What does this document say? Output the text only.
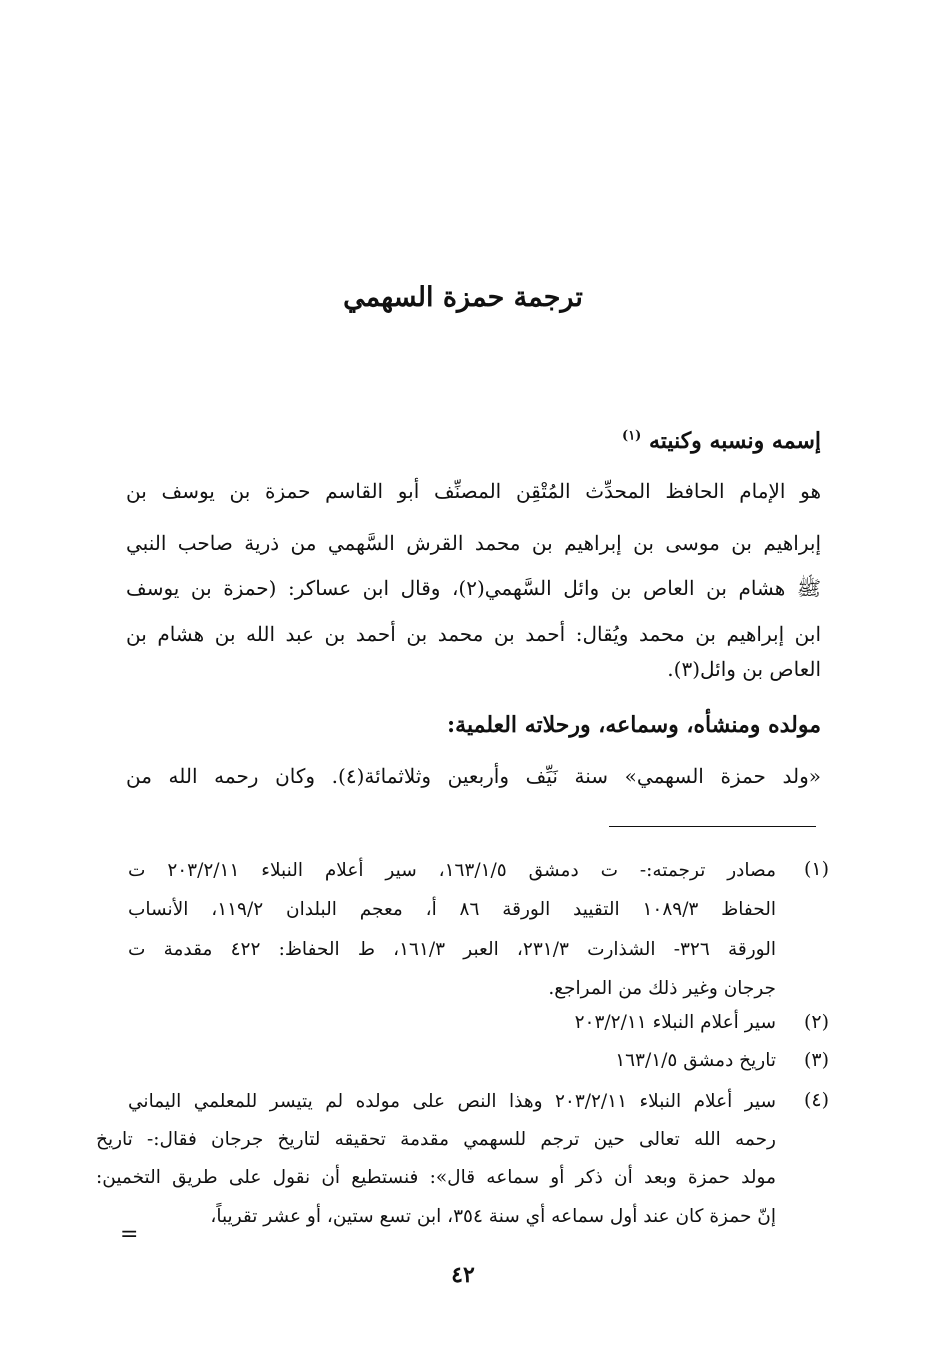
ترجمة حمزة السهمي
إسمه ونسبه وكنيته $^{(١)}$
هو الإمام الحافظ المحدِّث المُتْقِن المصنِّف أبو القاسم حمزة بن يوسف بن
إبراهيم بن موسى بن إبراهيم بن محمد القرش السَّهمي من ذرية صاحب النبي
ﷺ هشام بن العاص بن وائل السَّهمي(٢)، وقال ابن عساكر: (حمزة بن يوسف
ابن إبراهيم بن محمد ويُقال: أحمد بن محمد بن أحمد بن عبد الله بن هشام بن
العاص بن وائل(٣).
مولده ومنشأه، وسماعه، ورحلاته العلمية:
«ولد حمزة السهمي» سنة نَيِّف وأربعين وثلاثمائة(٤). وكان رحمه الله من
(١)
مصادر ترجمته:- ت دمشق ١٦٣/١/٥، سير أعلام النبلاء ٢٠٣/٢/١١ ت
الحفاظ ١٠٨٩/٣ التقييد الورقة ٨٦ أ، معجم البلدان ١١٩/٢، الأنساب
الورقة ٣٢٦- الشذارت ٢٣١/٣، العبر ١٦١/٣، ط الحفاظ: ٤٢٢ مقدمة ت
جرجان وغير ذلك من المراجع.
(٢)
سير أعلام النبلاء ٢٠٣/٢/١١
(٣)
تاريخ دمشق ١٦٣/١/٥
(٤)
سير أعلام النبلاء ٢٠٣/٢/١١ وهذا النص على مولده لم يتيسر للمعلمي اليماني
رحمه الله تعالى حين ترجم للسهمي مقدمة تحقيقه لتاريخ جرجان فقال:- تاريخ
مولد حمزة وبعد أن ذكر أو سماعه قال»: فنستطيع أن نقول على طريق التخمين:
إنّ حمزة كان عند أول سماعه أي سنة ٣٥٤، ابن تسع ستين، أو عشر تقريباً،
=
٤٢
